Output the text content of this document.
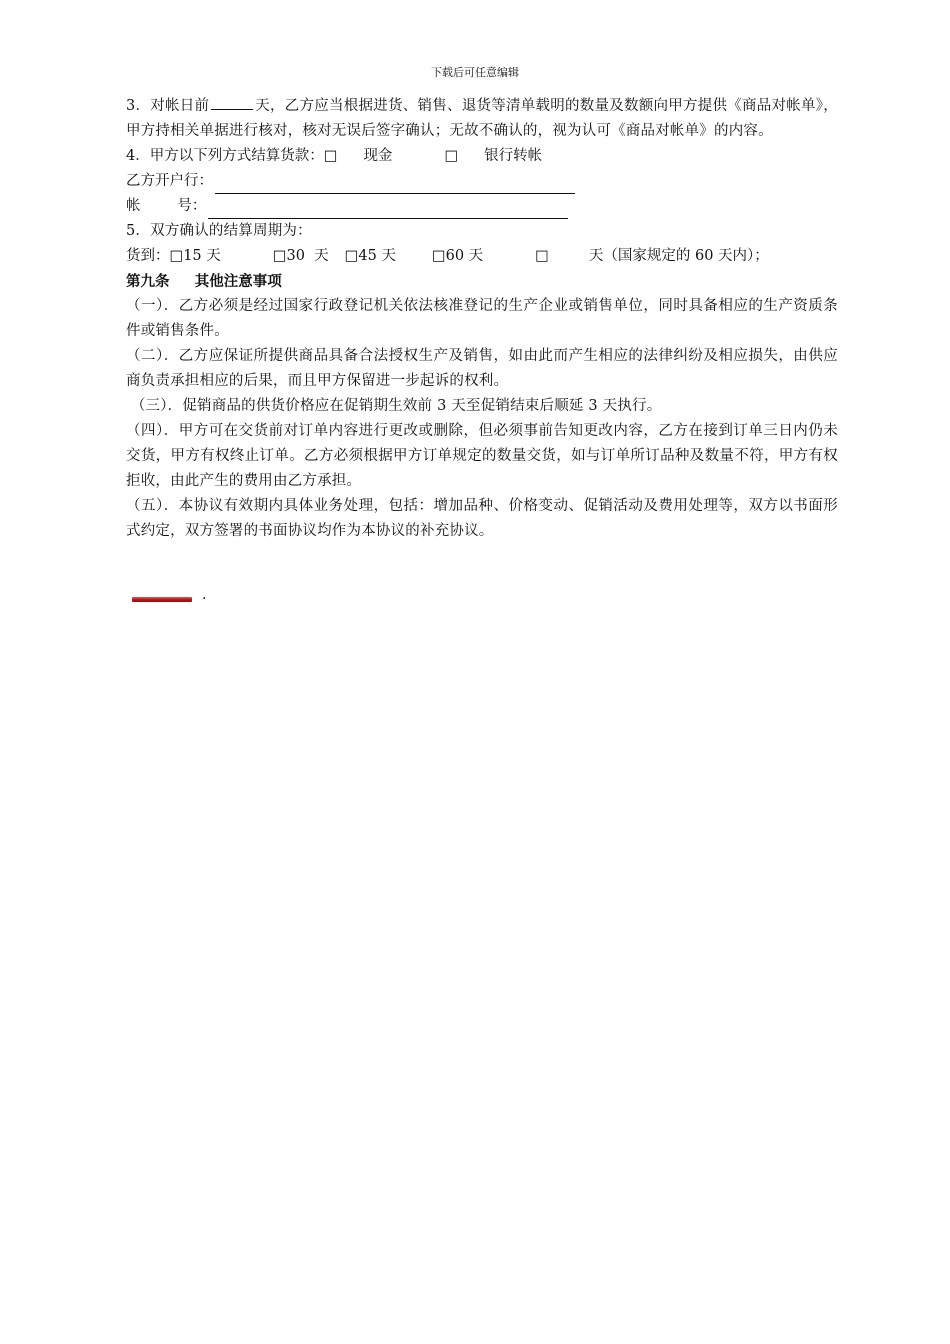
下载后可任意编辑

3．对帐日前	天，乙方应当根据进货、销售、退货等清单载明的数量及数额向甲方提供《商品对帐单》，甲方持相关单据进行核对，核对无误后签字确认；无故不确认的，视为认可《商品对帐单》的内容。

4．甲方以下列方式结算货款： □ 现金	□ 银行转帐
乙方开户行：
帐        号：

5．双方确认的结算周期为：

货到： □15 天	□30  天 □45 天 □60 天	□	天（国家规定的 60 天内）；
第九条     其他注意事项

（一）．乙方必须是经过国家行政登记机关依法核准登记的生产企业或销售单位，同时具备相应的生产资质条件或销售条件。

（二）．乙方应保证所提供商品具备合法授权生产及销售，如由此而产生相应的法律纠纷及相应损失，由供应商负责承担相应的后果，而且甲方保留进一步起诉的权利。

（三）．促销商品的供货价格应在促销期生效前 3 天至促销结束后顺延 3 天执行。

（四）．甲方可在交货前对订单内容进行更改或删除，但必须事前告知更改内容，乙方在接到订单三日内仍未交货，甲方有权终止订单。乙方必须根据甲方订单规定的数量交货，如与订单所订品种及数量不符，甲方有权拒收，由此产生的费用由乙方承担。

（五）．本协议有效期内具体业务处理，包括：增加品种、价格变动、促销活动及费用处理等，双方以书面形式约定，双方签署的书面协议均作为本协议的补充协议。

.
